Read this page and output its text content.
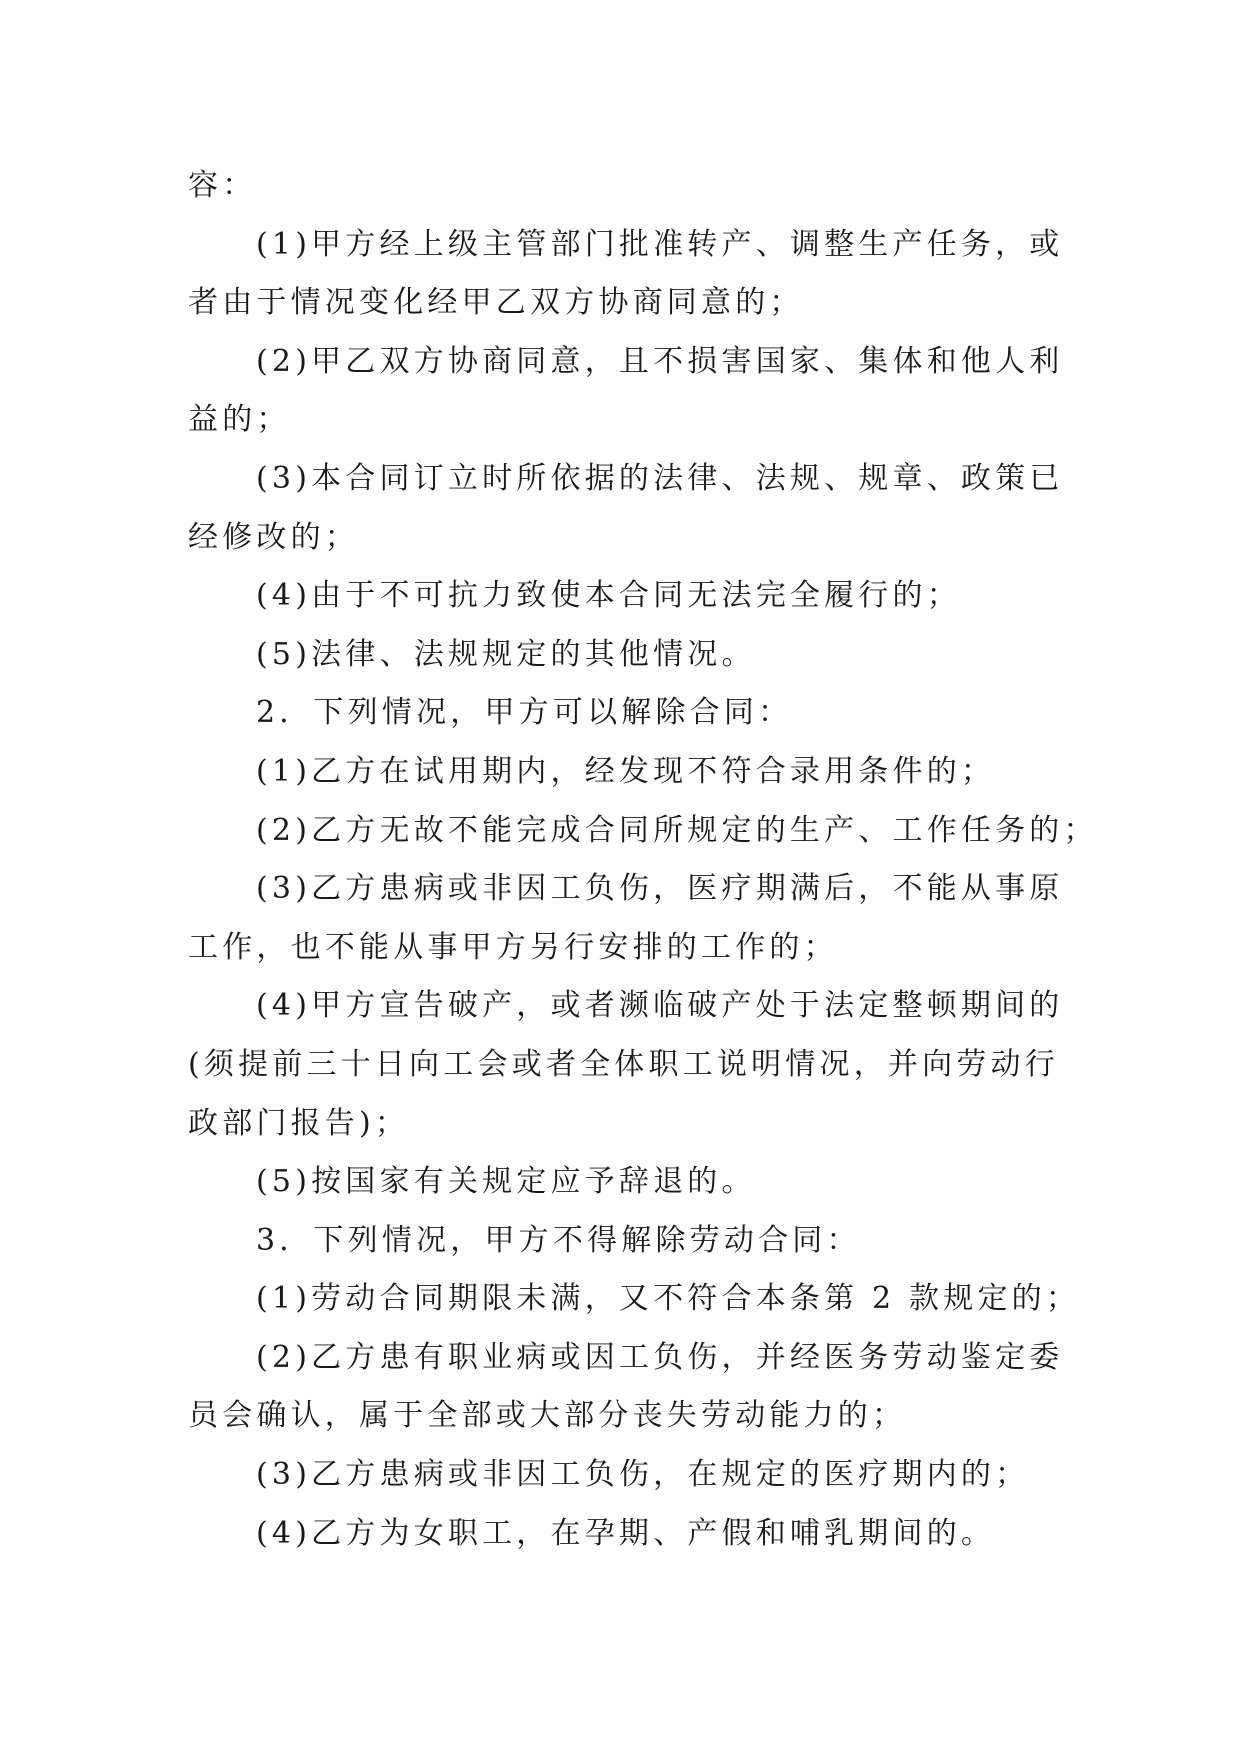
容：
(1)甲方经上级主管部门批准转产、调整生产任务，或
者由于情况变化经甲乙双方协商同意的；
(2)甲乙双方协商同意，且不损害国家、集体和他人利
益的；
(3)本合同订立时所依据的法律、法规、规章、政策已
经修改的；
(4)由于不可抗力致使本合同无法完全履行的；
(5)法律、法规规定的其他情况。
2．下列情况，甲方可以解除合同：
(1)乙方在试用期内，经发现不符合录用条件的；
(2)乙方无故不能完成合同所规定的生产、工作任务的；
(3)乙方患病或非因工负伤，医疗期满后，不能从事原
工作，也不能从事甲方另行安排的工作的；
(4)甲方宣告破产，或者濒临破产处于法定整顿期间的
(须提前三十日向工会或者全体职工说明情况，并向劳动行
政部门报告)；
(5)按国家有关规定应予辞退的。
3．下列情况，甲方不得解除劳动合同：
(1)劳动合同期限未满，又不符合本条第 2 款规定的；
(2)乙方患有职业病或因工负伤，并经医务劳动鉴定委
员会确认，属于全部或大部分丧失劳动能力的；
(3)乙方患病或非因工负伤，在规定的医疗期内的；
(4)乙方为女职工，在孕期、产假和哺乳期间的。
